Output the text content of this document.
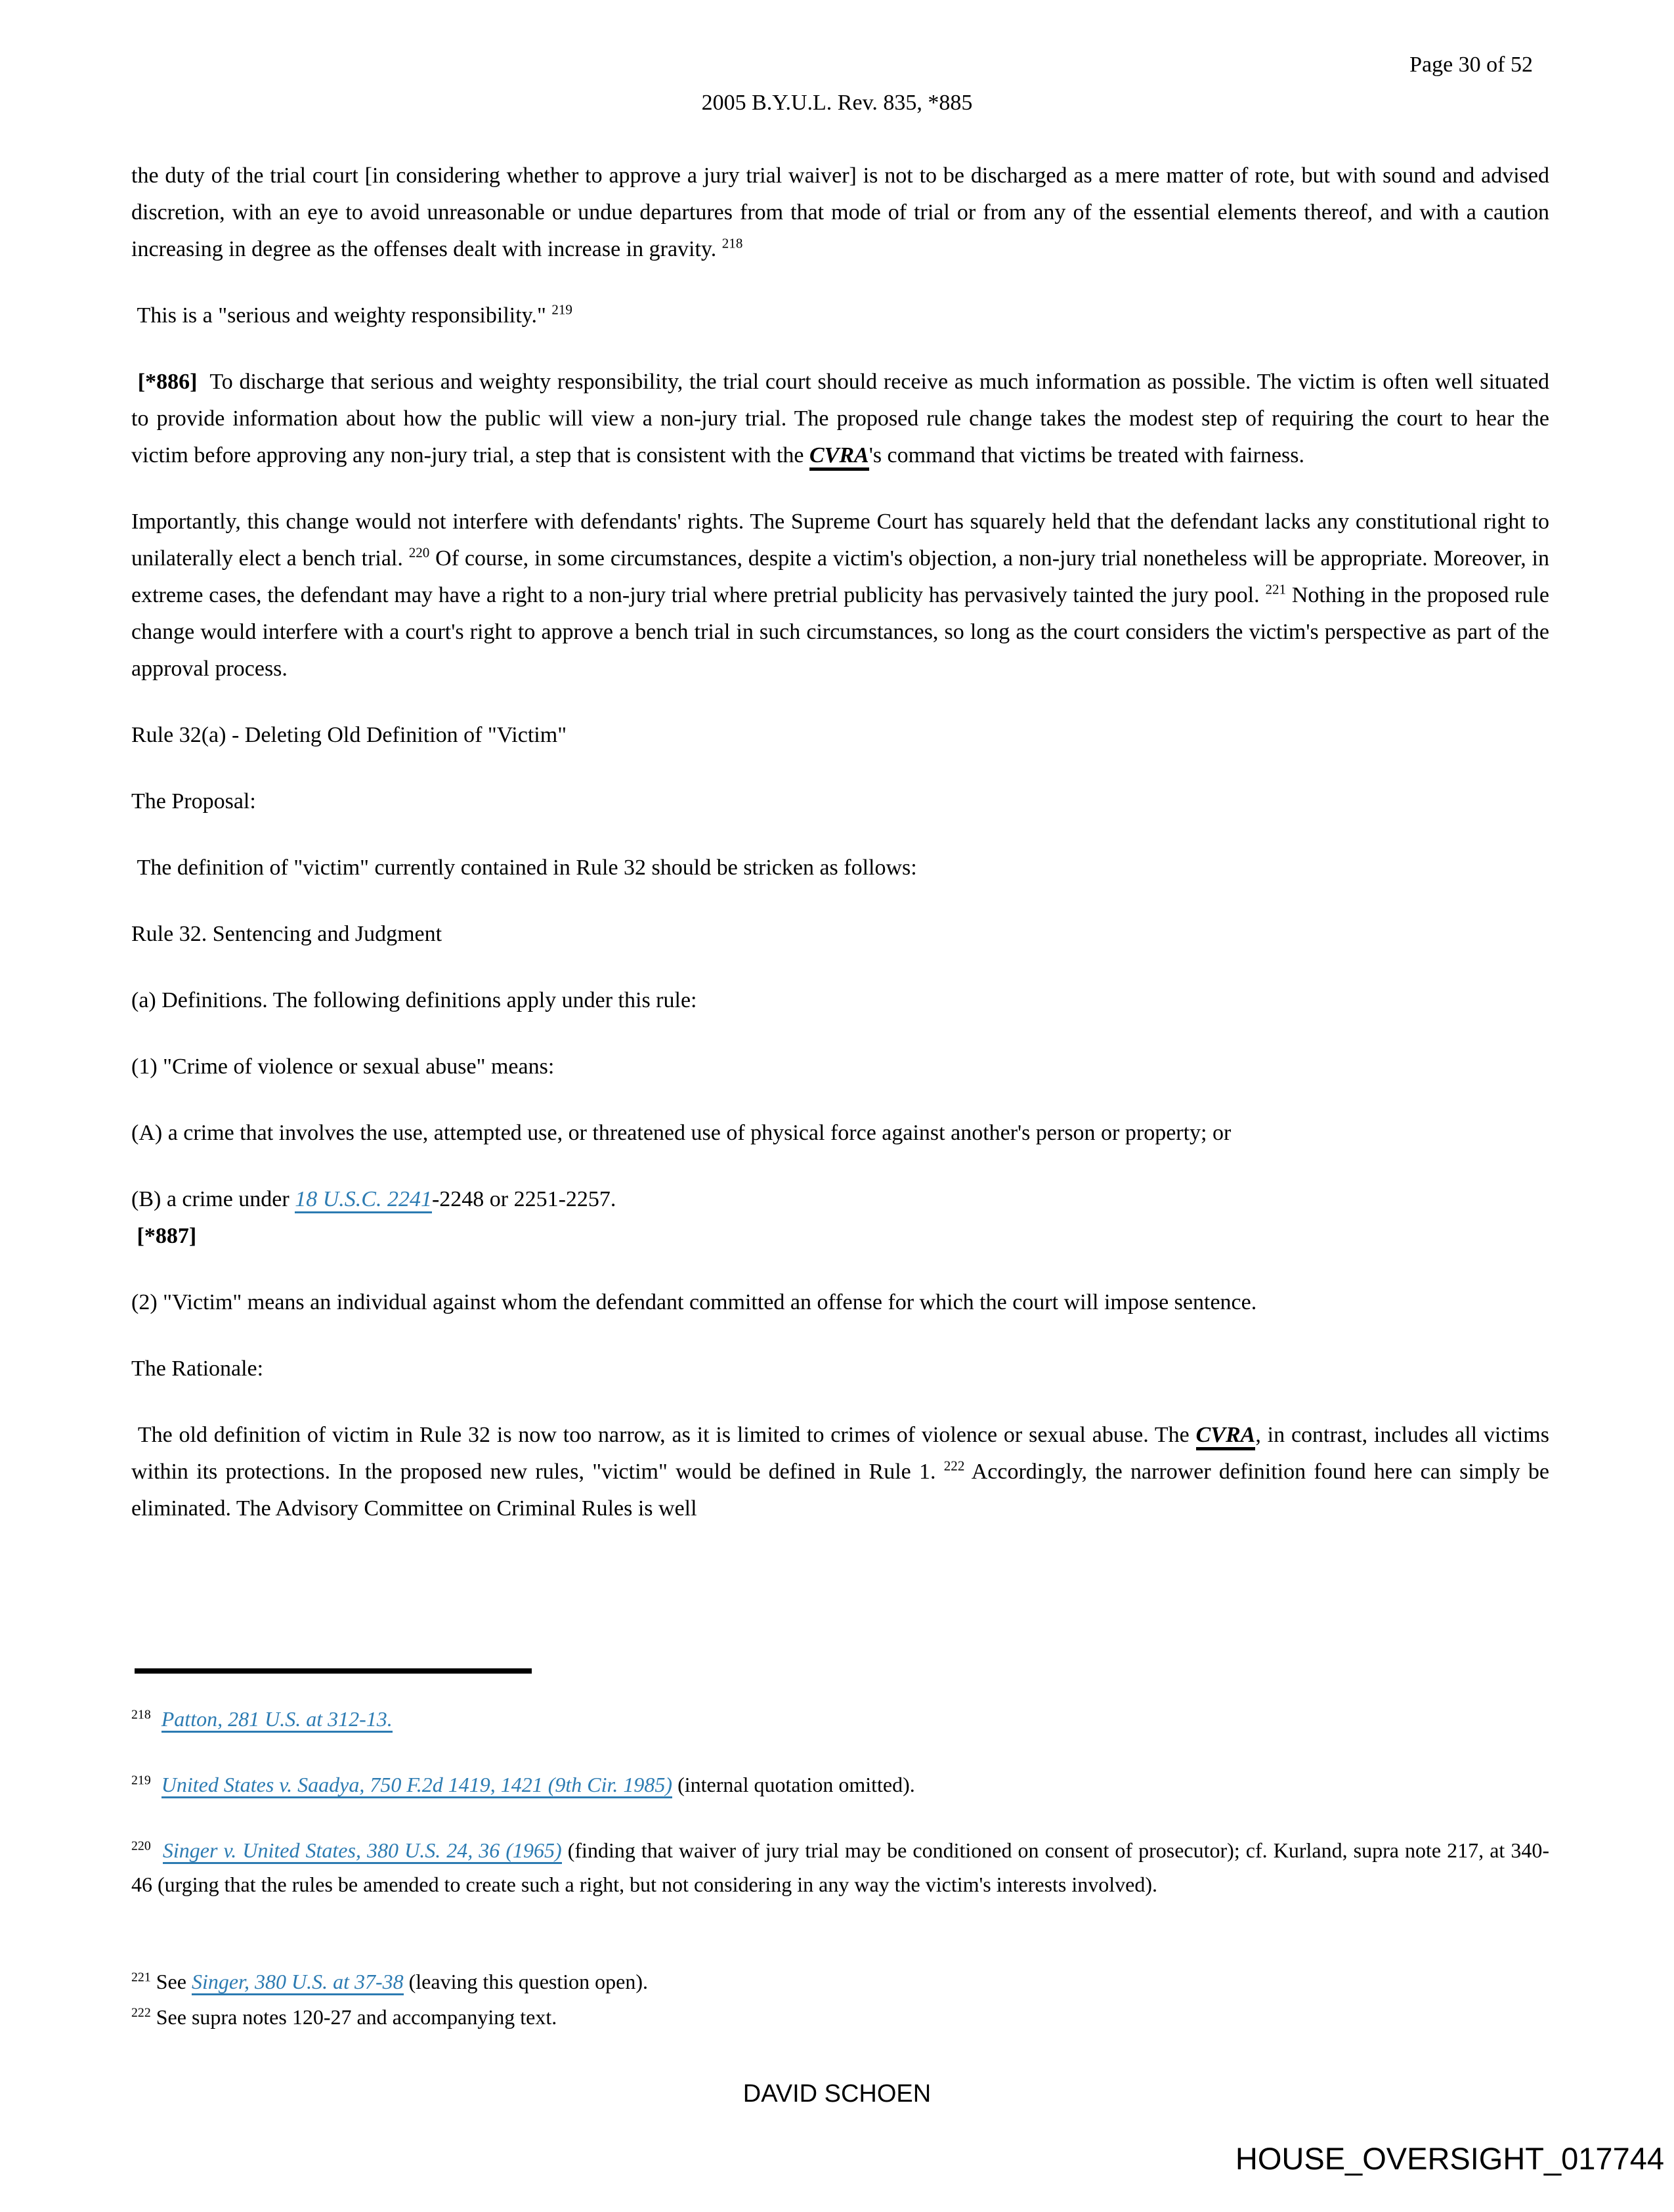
Page 30 of 52
2005 B.Y.U.L. Rev. 835, *885

the duty of the trial court [in considering whether to approve a jury trial waiver] is not to be discharged as a mere matter of rote, but with sound and advised discretion, with an eye to avoid unreasonable or undue departures from that mode of trial or from any of the essential elements thereof, and with a caution increasing in degree as the offenses dealt with increase in gravity. $^{218}$

This is a "serious and weighty responsibility." $^{219}$

[*886]  To discharge that serious and weighty responsibility, the trial court should receive as much information as possible. The victim is often well situated to provide information about how the public will view a non-jury trial. The proposed rule change takes the modest step of requiring the court to hear the victim before approving any non-jury trial, a step that is consistent with the CVRA's command that victims be treated with fairness.

Importantly, this change would not interfere with defendants' rights. The Supreme Court has squarely held that the defendant lacks any constitutional right to unilaterally elect a bench trial. $^{220}$ Of course, in some circumstances, despite a victim's objection, a non-jury trial nonetheless will be appropriate. Moreover, in extreme cases, the defendant may have a right to a non-jury trial where pretrial publicity has pervasively tainted the jury pool. $^{221}$ Nothing in the proposed rule change would interfere with a court's right to approve a bench trial in such circumstances, so long as the court considers the victim's perspective as part of the approval process.

Rule 32(a) - Deleting Old Definition of "Victim"

The Proposal:

The definition of "victim" currently contained in Rule 32 should be stricken as follows:

Rule 32. Sentencing and Judgment

(a) Definitions. The following definitions apply under this rule:

(1) "Crime of violence or sexual abuse" means:

(A) a crime that involves the use, attempted use, or threatened use of physical force against another's person or property; or

(B) a crime under 18 U.S.C. 2241-2248 or 2251-2257.
[*887]

(2) "Victim" means an individual against whom the defendant committed an offense for which the court will impose sentence.

The Rationale:

The old definition of victim in Rule 32 is now too narrow, as it is limited to crimes of violence or sexual abuse. The CVRA, in contrast, includes all victims within its protections. In the proposed new rules, "victim" would be defined in Rule 1. $^{222}$ Accordingly, the narrower definition found here can simply be eliminated. The Advisory Committee on Criminal Rules is well

$^{218}$ Patton, 281 U.S. at 312-13.

$^{219}$ United States v. Saadya, 750 F.2d 1419, 1421 (9th Cir. 1985) (internal quotation omitted).

$^{220}$ Singer v. United States, 380 U.S. 24, 36 (1965) (finding that waiver of jury trial may be conditioned on consent of prosecutor); cf. Kurland, supra note 217, at 340-46 (urging that the rules be amended to create such a right, but not considering in any way the victim's interests involved).

$^{221}$ See Singer, 380 U.S. at 37-38 (leaving this question open).

$^{222}$ See supra notes 120-27 and accompanying text.

DAVID SCHOEN
HOUSE_OVERSIGHT_017744
